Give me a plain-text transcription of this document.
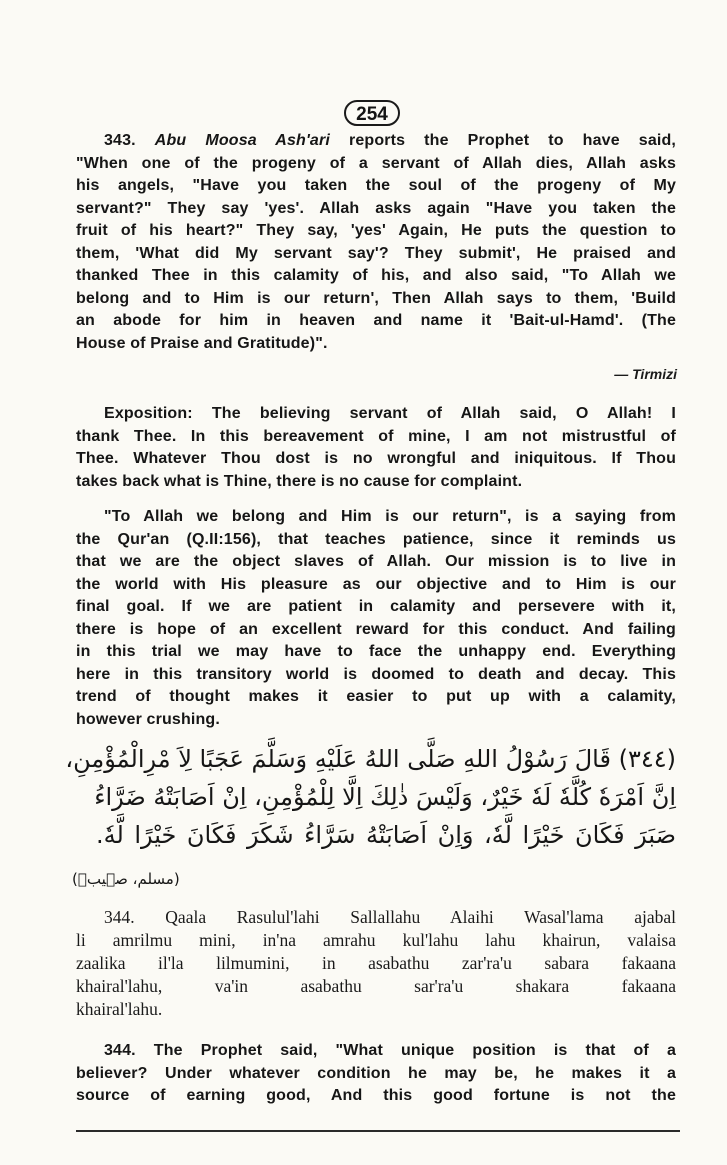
254
343. Abu Moosa Ash'ari reports the Prophet to have said,
"When one of the progeny of a servant of Allah dies, Allah asks
his angels, "Have you taken the soul of the progeny of My
servant?" They say 'yes'. Allah asks again "Have you taken the
fruit of his heart?" They say, 'yes' Again, He puts the question to
them, 'What did My servant say'? They submit', He praised and
thanked Thee in this calamity of his, and also said, "To Allah we
belong and to Him is our return', Then Allah says to them, 'Build
an abode for him in heaven and name it 'Bait-ul-Hamd'. (The
House of Praise and Gratitude)".
— Tirmizi
Exposition: The believing servant of Allah said, O Allah! I
thank Thee. In this bereavement of mine, I am not mistrustful of
Thee. Whatever Thou dost is no wrongful and iniquitous. If Thou
takes back what is Thine, there is no cause for complaint.
"To Allah we belong and Him is our return", is a saying from
the Qur'an (Q.II:156), that teaches patience, since it reminds us
that we are the object slaves of Allah. Our mission is to live in
the world with His pleasure as our objective and to Him is our
final goal. If we are patient in calamity and persevere with it,
there is hope of an excellent reward for this conduct. And failing
in this trial we may have to face the unhappy end. Everything
here in this transitory world is doomed to death and decay. This
trend of thought makes it easier to put up with a calamity,
however crushing.
(٣٤٤) قَالَ رَسُوْلُ اللهِ صَلَّى اللهُ عَلَيْهِ وَسَلَّمَ عَجَبًا لِاَ مْرِالْمُؤْمِنِ،
اِنَّ اَمْرَهٗ كُلَّهٗ لَهٗ خَيْرٌ، وَلَيْسَ ذٰلِكَ اِلَّا لِلْمُؤْمِنِ، اِنْ اَصَابَتْهُ ضَرَّاءُ
صَبَرَ فَكَانَ خَيْرًا لَّهٗ، وَاِنْ اَصَابَتْهُ سَرَّاءُ شَكَرَ فَكَانَ خَيْرًا لَّهٗ.
(مسلم، صہیبؓ)
344. Qaala Rasulul'lahi Sallallahu Alaihi Wasal'lama ajabal
li amrilmu mini, in'na amrahu kul'lahu lahu khairun, valaisa
zaalika il'la lilmumini, in asabathu zar'ra'u sabara fakaana
khairal'lahu, va'in asabathu sar'ra'u shakara fakaana
khairal'lahu.
344. The Prophet said, "What unique position is that of a
believer? Under whatever condition he may be, he makes it a
source of earning good, And this good fortune is not the
